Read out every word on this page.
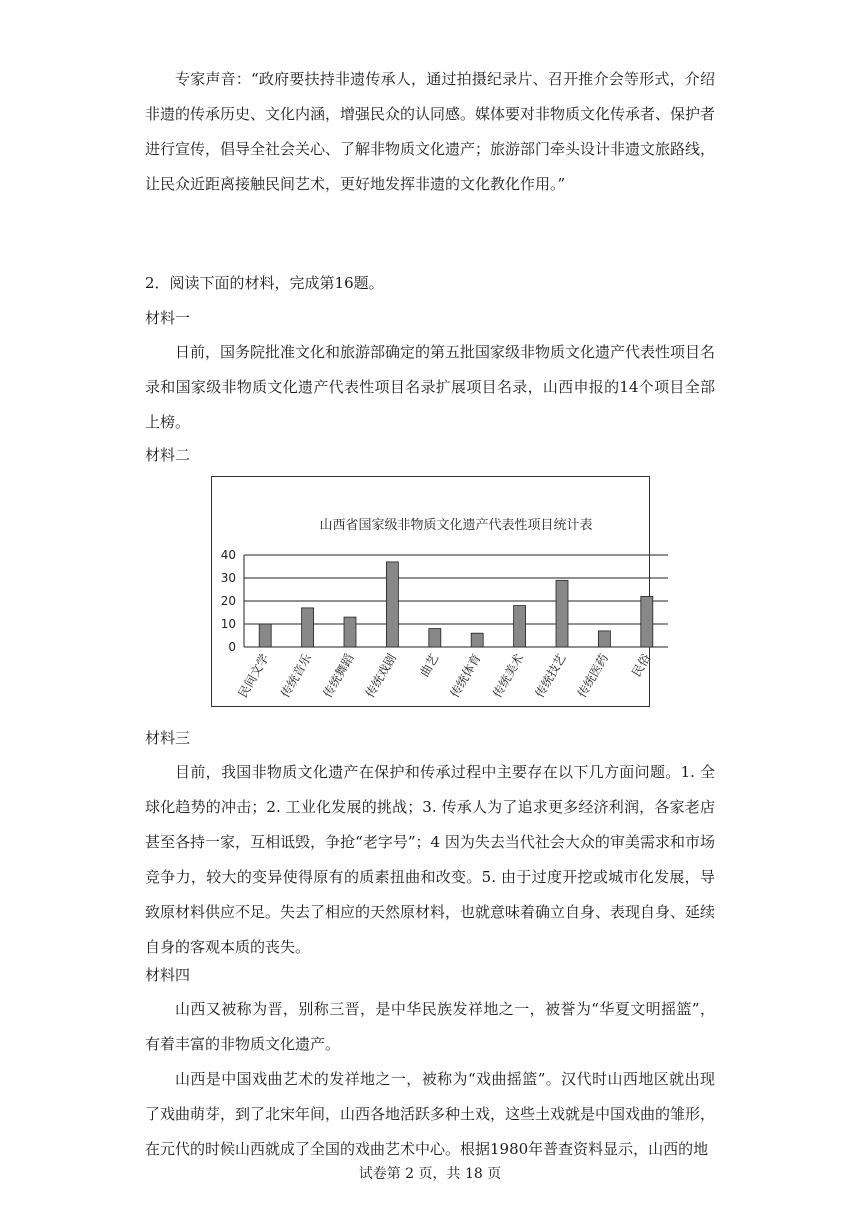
专家声音：“政府要扶持非遗传承人，通过拍摄纪录片、召开推介会等形式，介绍非遗的传承历史、文化内涵，增强民众的认同感。媒体要对非物质文化传承者、保护者进行宣传，倡导全社会关心、了解非物质文化遗产；旅游部门牵头设计非遗文旅路线，让民众近距离接触民间艺术，更好地发挥非遗的文化教化作用。”

2．阅读下面的材料，完成第16题。

材料一

日前，国务院批准文化和旅游部确定的第五批国家级非物质文化遗产代表性项目名录和国家级非物质文化遗产代表性项目名录扩展项目名录，山西申报的14个项目全部上榜。

材料二

山西省国家级非物质文化遗产代表性项目统计表
0
10
20
30
40
民间文学 传统音乐 传统舞蹈 传统戏剧 曲艺 传统体育 传统美术 传统技艺 传统医药 民俗

材料三

目前，我国非物质文化遗产在保护和传承过程中主要存在以下几方面问题。1. 全球化趋势的冲击；2. 工业化发展的挑战；3. 传承人为了追求更多经济利润，各家老店甚至各持一家，互相诋毁，争抢“老字号”；4 因为失去当代社会大众的审美需求和市场竞争力，较大的变异使得原有的质素扭曲和改变。5. 由于过度开挖或城市化发展，导致原材料供应不足。失去了相应的天然原材料，也就意味着确立自身、表现自身、延续自身的客观本质的丧失。

材料四

山西又被称为晋，别称三晋，是中华民族发祥地之一，被誉为“华夏文明摇篮”，有着丰富的非物质文化遗产。

山西是中国戏曲艺术的发祥地之一，被称为“戏曲摇篮”。汉代时山西地区就出现了戏曲萌芽，到了北宋年间，山西各地活跃多种土戏，这些土戏就是中国戏曲的雏形，在元代的时候山西就成了全国的戏曲艺术中心。根据1980年普查资料显示，山西的地

试卷第 2 页，共 18 页
